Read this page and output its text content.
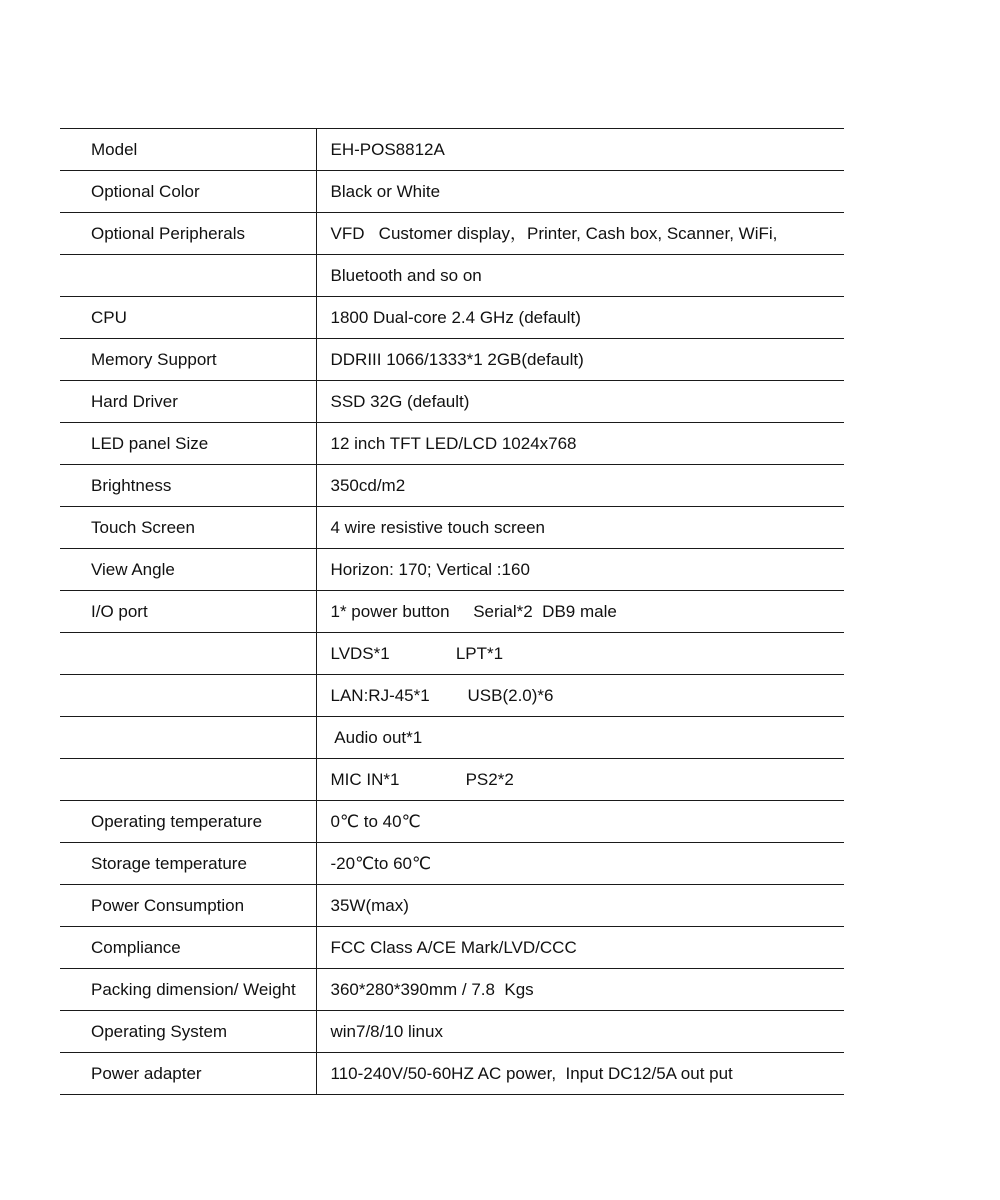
Model	EH-POS8812A
Optional Color	Black or White
Optional Peripherals	VFD   Customer display，Printer, Cash box, Scanner, WiFi,
	Bluetooth and so on
CPU	1800 Dual-core 2.4 GHz (default)
Memory Support	DDRIII 1066/1333*1 2GB(default)
Hard Driver	SSD 32G (default)
LED panel Size	12 inch TFT LED/LCD 1024x768
Brightness	350cd/m2
Touch Screen	4 wire resistive touch screen
View Angle	Horizon: 170; Vertical :160
I/O port	1* power button     Serial*2  DB9 male
	LVDS*1              LPT*1
	LAN:RJ-45*1        USB(2.0)*6
	Audio out*1
	MIC IN*1              PS2*2
Operating temperature	0℃ to 40℃
Storage temperature	-20℃to 60℃
Power Consumption	35W(max)
Compliance	FCC Class A/CE Mark/LVD/CCC
Packing dimension/ Weight	360*280*390mm / 7.8  Kgs
Operating System	win7/8/10 linux
Power adapter	110-240V/50-60HZ AC power,  Input DC12/5A out put
